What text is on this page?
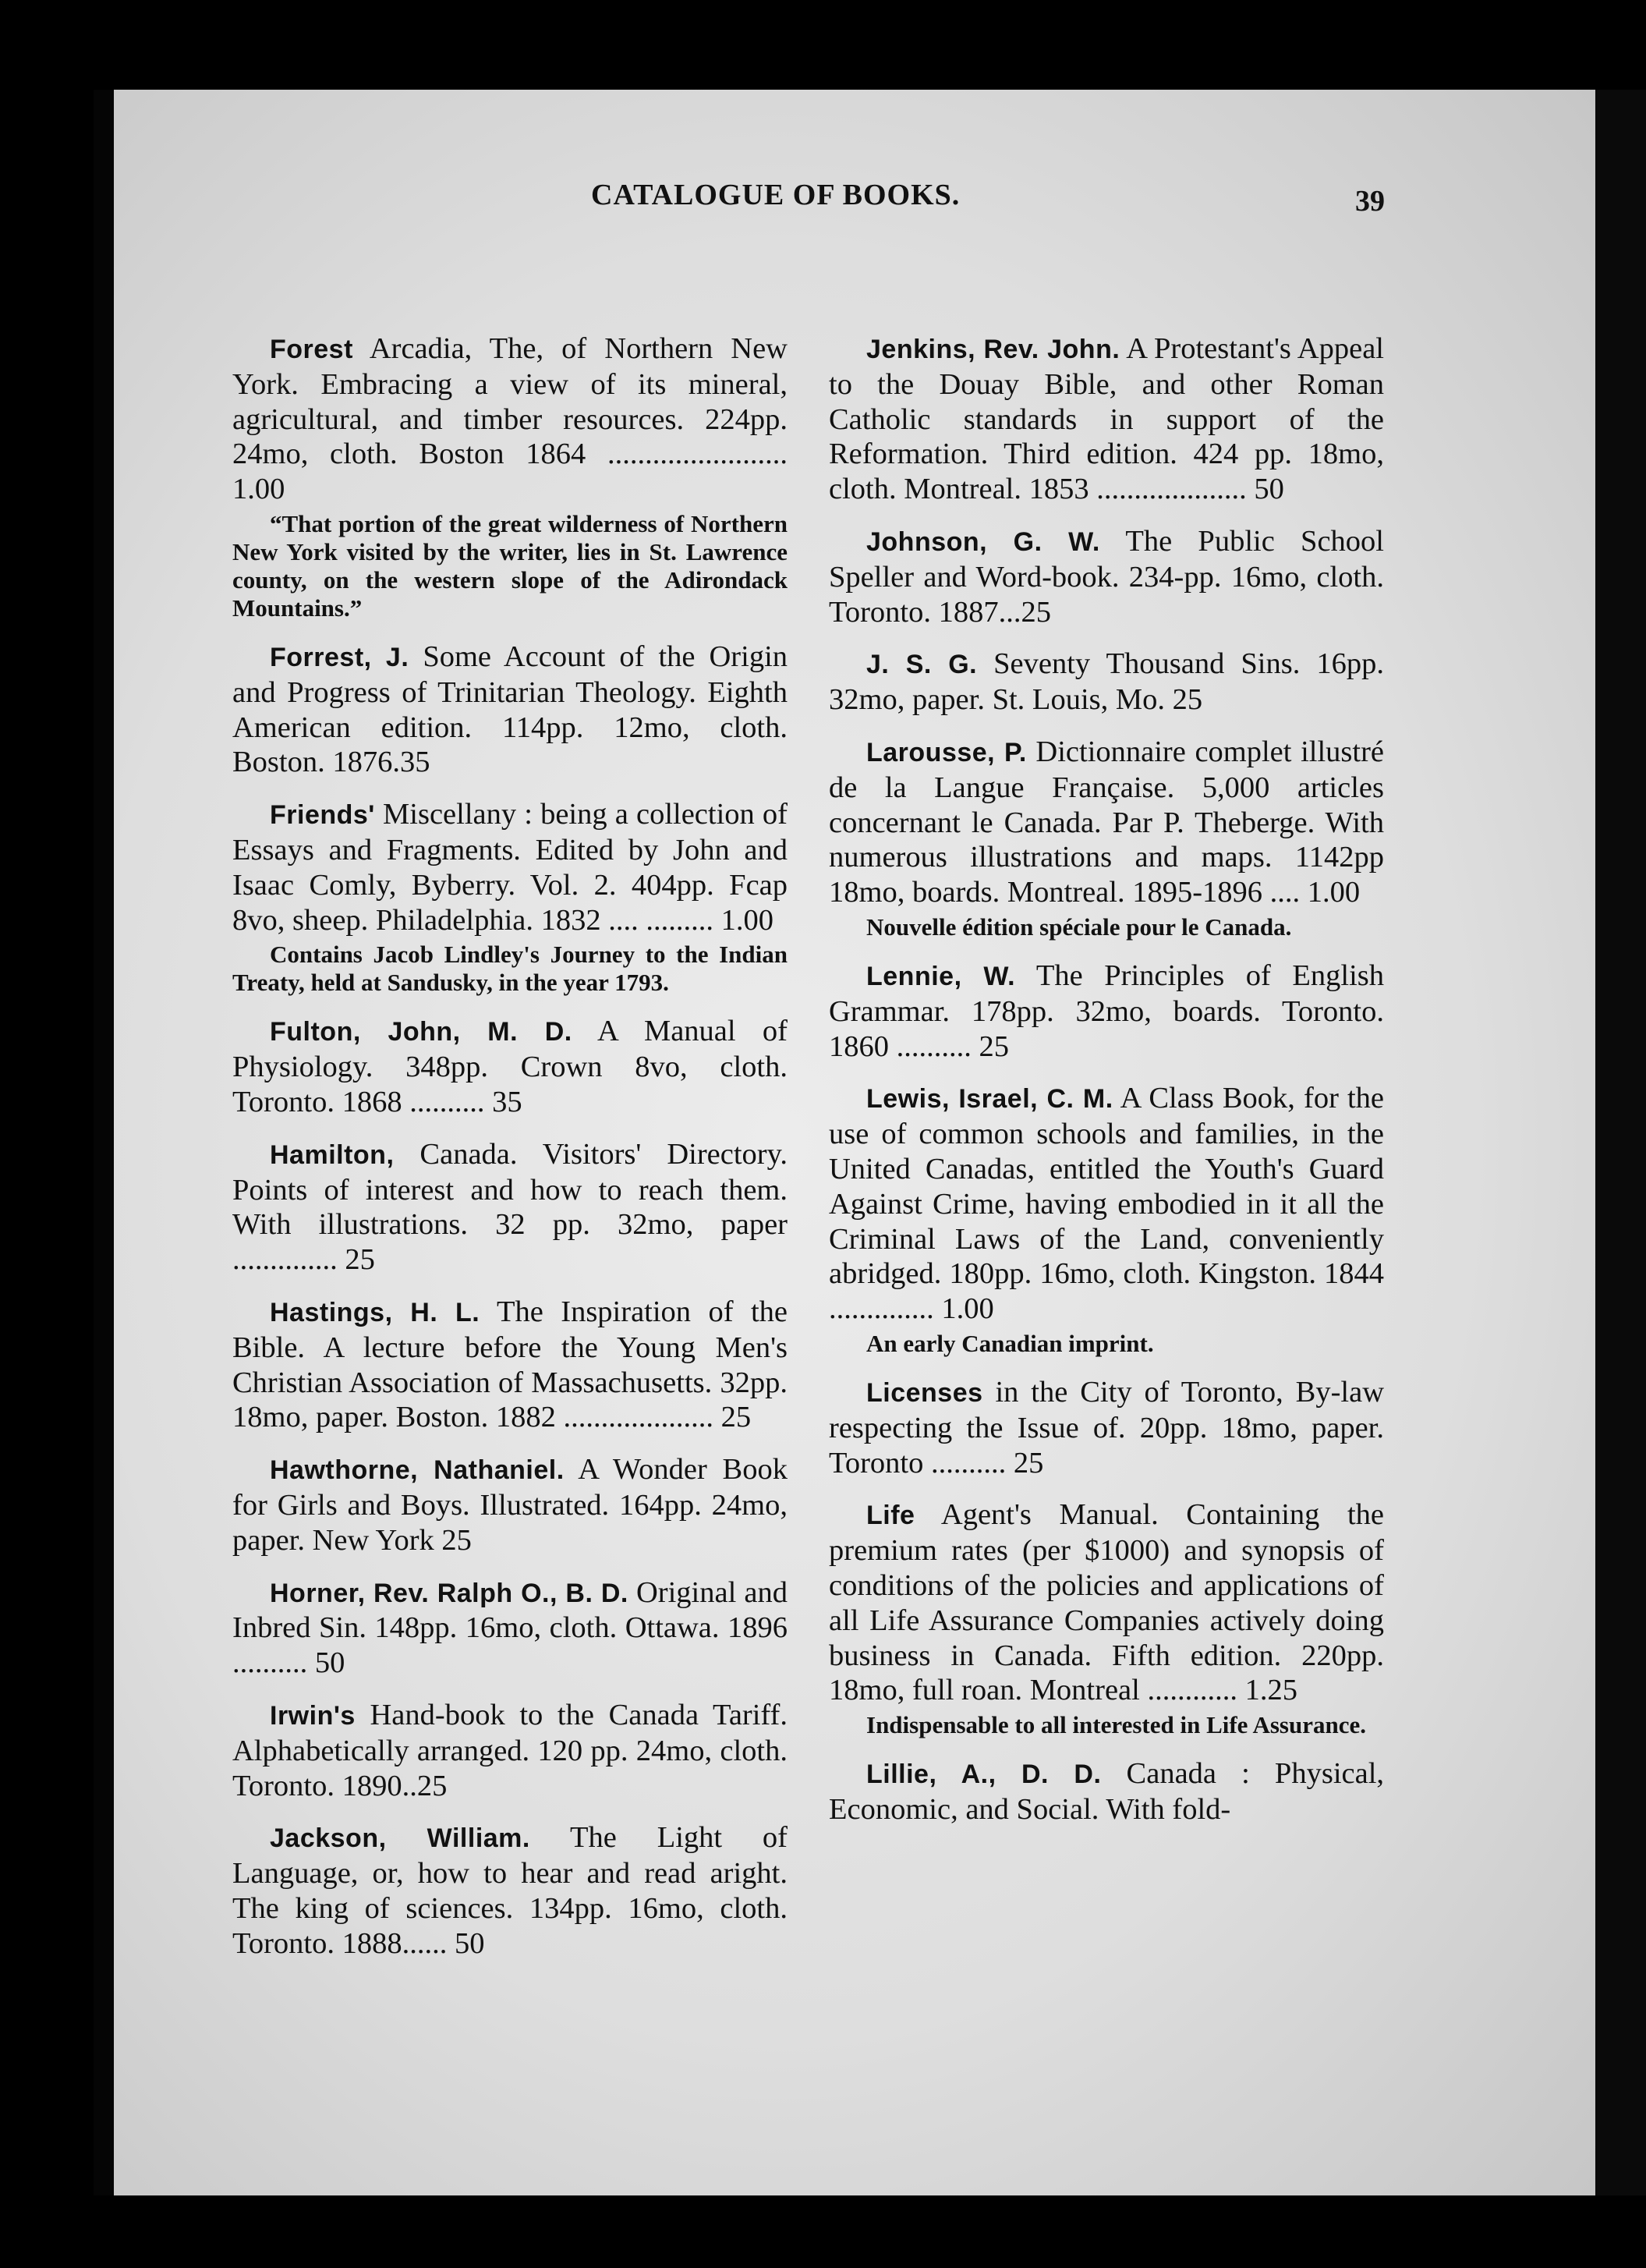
CATALOGUE OF BOOKS.	39

Forest Arcadia, The, of Northern New York. Embracing a view of its mineral, agricultural, and timber resources. 224pp. 24mo, cloth. Boston 1864 ........................ 1.00

“That portion of the great wilderness of Northern New York visited by the writer, lies in St. Lawrence county, on the western slope of the Adirondack Mountains.”

Forrest, J. Some Account of the Origin and Progress of Trinitarian Theology. Eighth American edition. 114pp. 12mo, cloth. Boston. 1876.35

Friends' Miscellany : being a collection of Essays and Fragments. Edited by John and Isaac Comly, Byberry. Vol. 2. 404pp. Fcap 8vo, sheep. Philadelphia. 1832 .... ......... 1.00

Contains Jacob Lindley's Journey to the Indian Treaty, held at Sandusky, in the year 1793.

Fulton, John, M. D. A Manual of Physiology. 348pp. Crown 8vo, cloth. Toronto. 1868 .......... 35

Hamilton, Canada. Visitors' Directory. Points of interest and how to reach them. With illustrations. 32 pp. 32mo, paper .............. 25

Hastings, H. L. The Inspiration of the Bible. A lecture before the Young Men's Christian Association of Massachusetts. 32pp. 18mo, paper. Boston. 1882 .................... 25

Hawthorne, Nathaniel. A Wonder Book for Girls and Boys. Illustrated. 164pp. 24mo, paper. New York 25

Horner, Rev. Ralph O., B. D. Original and Inbred Sin. 148pp. 16mo, cloth. Ottawa. 1896 .......... 50

Irwin's Hand-book to the Canada Tariff. Alphabetically arranged. 120 pp. 24mo, cloth. Toronto. 1890..25

Jackson, William. The Light of Language, or, how to hear and read aright. The king of sciences. 134pp. 16mo, cloth. Toronto. 1888...... 50

Jenkins, Rev. John. A Protestant's Appeal to the Douay Bible, and other Roman Catholic standards in support of the Reformation. Third edition. 424 pp. 18mo, cloth. Montreal. 1853 .................... 50

Johnson, G. W. The Public School Speller and Word-book. 234-pp. 16mo, cloth. Toronto. 1887...25

J. S. G. Seventy Thousand Sins. 16pp. 32mo, paper. St. Louis, Mo. 25

Larousse, P. Dictionnaire complet illustré de la Langue Française. 5,000 articles concernant le Canada. Par P. Theberge. With numerous illustrations and maps. 1142pp 18mo, boards. Montreal. 1895-1896 .... 1.00

Nouvelle édition spéciale pour le Canada.

Lennie, W. The Principles of English Grammar. 178pp. 32mo, boards. Toronto. 1860 .......... 25

Lewis, Israel, C. M. A Class Book, for the use of common schools and families, in the United Canadas, entitled the Youth's Guard Against Crime, having embodied in it all the Criminal Laws of the Land, conveniently abridged. 180pp. 16mo, cloth. Kingston. 1844 .............. 1.00

An early Canadian imprint.

Licenses in the City of Toronto, By-law respecting the Issue of. 20pp. 18mo, paper. Toronto .......... 25

Life Agent's Manual. Containing the premium rates (per $1000) and synopsis of conditions of the policies and applications of all Life Assurance Companies actively doing business in Canada. Fifth edition. 220pp. 18mo, full roan. Montreal ............ 1.25

Indispensable to all interested in Life Assurance.

Lillie, A., D. D. Canada : Physical, Economic, and Social. With fold-
